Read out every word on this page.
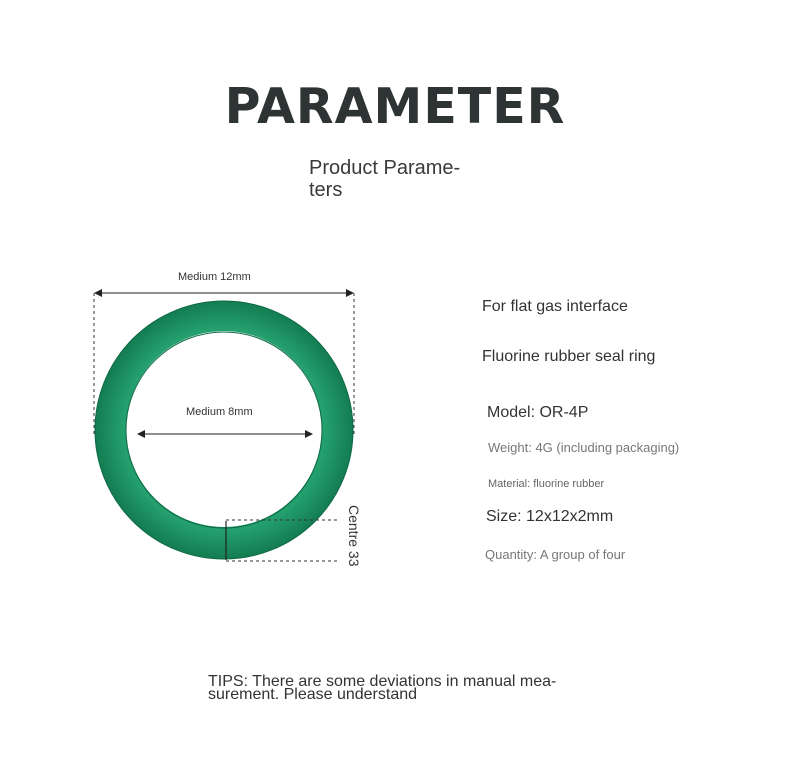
PARAMETER
Product Parame- ters
Medium 12mm
Medium 8mm
Centre 33
For flat gas interface
Fluorine rubber seal ring
Model: OR-4P
Weight: 4G (including packaging)
Material: fluorine rubber
Size: 12x12x2mm
Quantity: A group of four
TIPS: There are some deviations in manual mea- surement. Please understand
